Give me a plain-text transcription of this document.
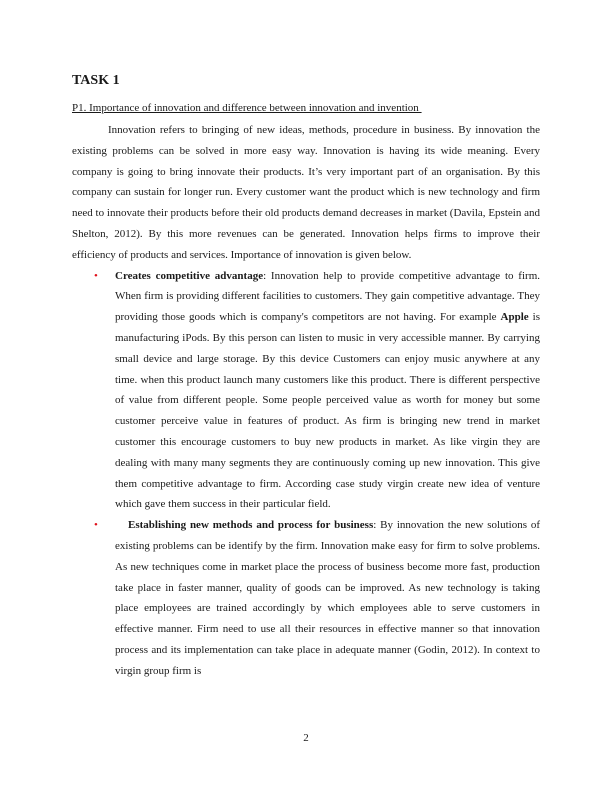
TASK 1
P1. Importance of innovation and difference between innovation and invention

Innovation refers to bringing of new ideas, methods, procedure in business. By innovation the existing problems can be solved in more easy way. Innovation is having its wide meaning. Every company is going to bring innovate their products. It’s very important part of an organisation. By this company can sustain for longer run. Every customer want the product which is new technology and firm need to innovate their products before their old products demand decreases in market (Davila, Epstein and Shelton, 2012). By this more revenues can be generated. Innovation helps firms to improve their efficiency of products and services. Importance of innovation is given below.

• Creates competitive advantage: Innovation help to provide competitive advantage to firm. When firm is providing different facilities to customers. They gain competitive advantage. They providing those goods which is company's competitors are not having. For example Apple is manufacturing iPods. By this person can listen to music in very accessible manner. By carrying small device and large storage. By this device Customers can enjoy music anywhere at any time. when this product launch many customers like this product. There is different perspective of value from different people. Some people perceived value as worth for money but some customer perceive value in features of product. As firm is bringing new trend in market customer this encourage customers to buy new products in market. As like virgin they are dealing with many many segments they are continuously coming up new innovation. This give them competitive advantage to firm. According case study virgin create new idea of venture which gave them success in their particular field.
•	Establishing new methods and process for business: By innovation the new solutions of existing problems can be identify by the firm. Innovation make easy for firm to solve problems. As new techniques come in market place the process of business become more fast, production take place in faster manner, quality of goods can be improved. As new technology is taking place employees are trained accordingly by which employees able to serve customers in effective manner. Firm need to use all their resources in effective manner so that innovation process and its implementation can take place in adequate manner (Godin, 2012). In context to virgin group firm is
2
